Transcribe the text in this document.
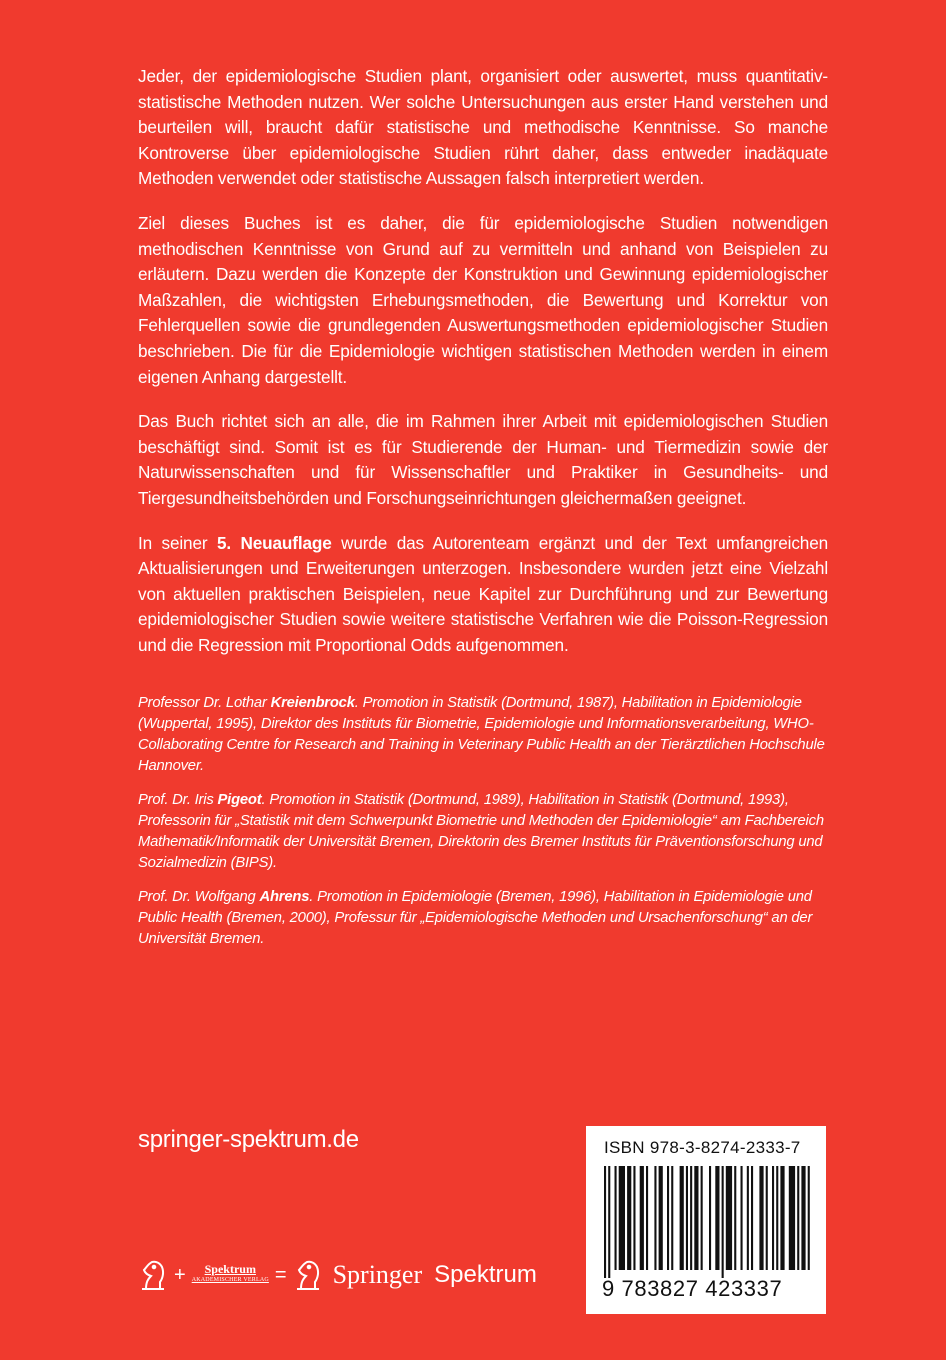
Jeder, der epidemiologische Studien plant, organisiert oder auswertet, muss quantitativ-statistische Methoden nutzen. Wer solche Untersuchungen aus erster Hand verstehen und beurteilen will, braucht dafür statistische und methodische Kenntnisse. So manche Kontroverse über epidemiologische Studien rührt daher, dass entweder inadäquate Methoden verwendet oder statistische Aussagen falsch interpretiert werden.

Ziel dieses Buches ist es daher, die für epidemiologische Studien notwendigen methodischen Kenntnisse von Grund auf zu vermitteln und anhand von Beispielen zu erläutern. Dazu werden die Konzepte der Konstruktion und Gewinnung epidemiologischer Maßzahlen, die wichtigsten Erhebungsmethoden, die Bewertung und Korrektur von Fehlerquellen sowie die grundlegenden Auswertungsmethoden epidemiologischer Studien beschrieben. Die für die Epidemiologie wichtigen statistischen Methoden werden in einem eigenen Anhang dargestellt.

Das Buch richtet sich an alle, die im Rahmen ihrer Arbeit mit epidemiologischen Studien beschäftigt sind. Somit ist es für Studierende der Human- und Tiermedizin sowie der Naturwissenschaften und für Wissenschaftler und Praktiker in Gesundheits- und Tiergesundheitsbehörden und Forschungseinrichtungen gleichermaßen geeignet.

In seiner 5. Neuauflage wurde das Autorenteam ergänzt und der Text umfangreichen Aktualisierungen und Erweiterungen unterzogen. Insbesondere wurden jetzt eine Vielzahl von aktuellen praktischen Beispielen, neue Kapitel zur Durchführung und zur Bewertung epidemiologischer Studien sowie weitere statistische Verfahren wie die Poisson-Regression und die Regression mit Proportional Odds aufgenommen.

Professor Dr. Lothar Kreienbrock. Promotion in Statistik (Dortmund, 1987), Habilitation in Epidemiologie (Wuppertal, 1995), Direktor des Instituts für Biometrie, Epidemiologie und Informationsverarbeitung, WHO-Collaborating Centre for Research and Training in Veterinary Public Health an der Tierärztlichen Hochschule Hannover.

Prof. Dr. Iris Pigeot. Promotion in Statistik (Dortmund, 1989), Habilitation in Statistik (Dortmund, 1993), Professorin für „Statistik mit dem Schwerpunkt Biometrie und Methoden der Epidemiologie“ am Fachbereich Mathematik/Informatik der Universität Bremen, Direktorin des Bremer Instituts für Präventionsforschung und Sozialmedizin (BIPS).

Prof. Dr. Wolfgang Ahrens. Promotion in Epidemiologie (Bremen, 1996), Habilitation in Epidemiologie und Public Health (Bremen, 2000), Professur für „Epidemiologische Methoden und Ursachenforschung“ an der Universität Bremen.

springer-spektrum.de
+	Spektrum
AKADEMISCHER VERLAG = Springer Spektrum
ISBN 978-3-8274-2333-7
9 783827 423337
